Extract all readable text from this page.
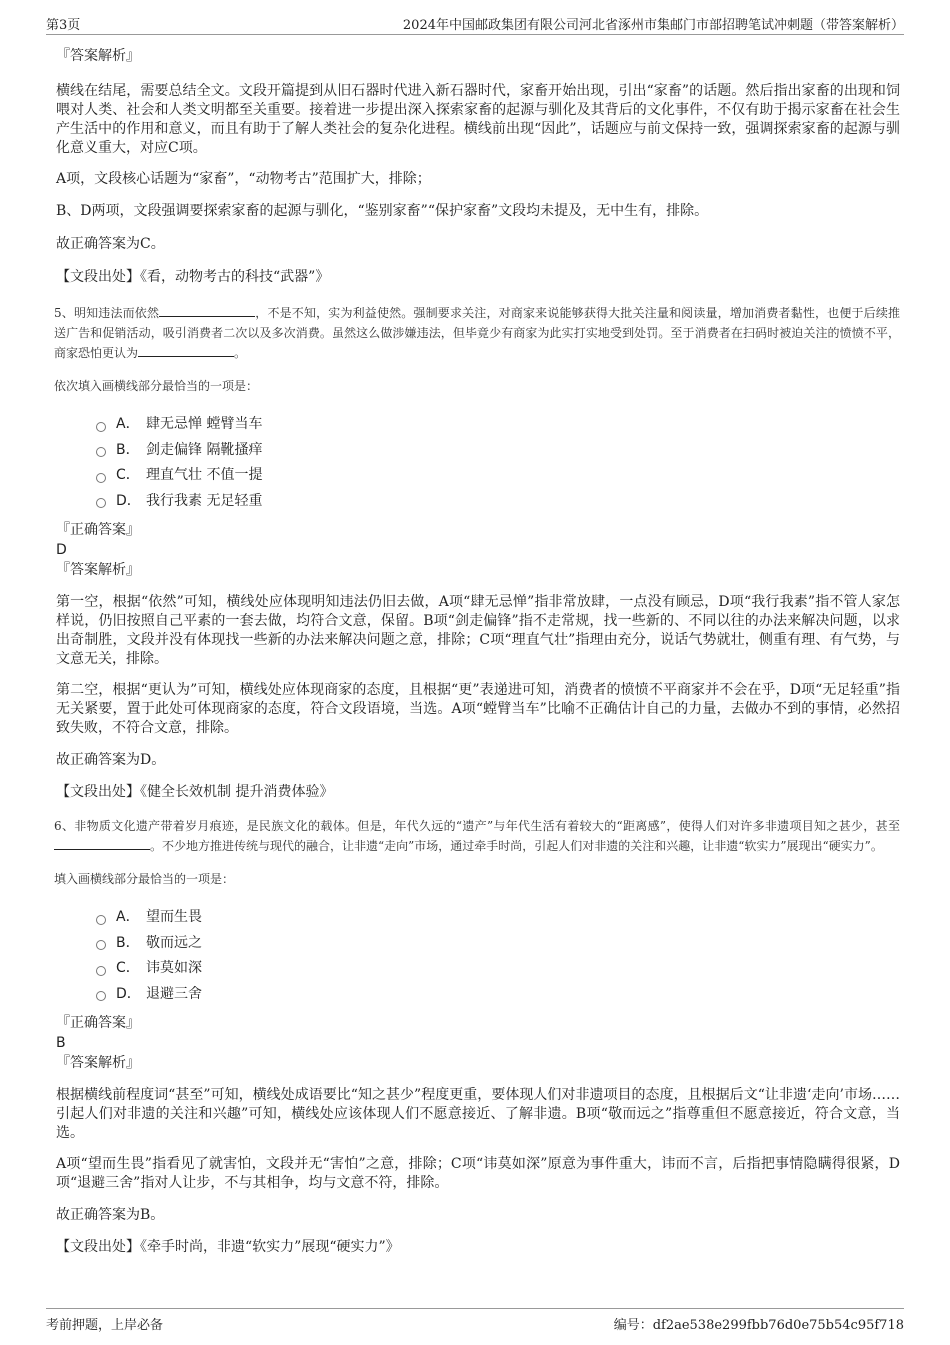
第3页	2024年中国邮政集团有限公司河北省涿州市集邮门市部招聘笔试冲刺题（带答案解析）

『答案解析』

横线在结尾，需要总结全文。文段开篇提到从旧石器时代进入新石器时代，家畜开始出现，引出“家畜”的话题。然后指出家畜的出现和饲喂对人类、社会和人类文明都至关重要。接着进一步提出深入探索家畜的起源与驯化及其背后的文化事件，不仅有助于揭示家畜在社会生产生活中的作用和意义，而且有助于了解人类社会的复杂化进程。横线前出现“因此”，话题应与前文保持一致，强调探索家畜的起源与驯化意义重大，对应C项。

A项，文段核心话题为“家畜”，“动物考古”范围扩大，排除；

B、D两项，文段强调要探索家畜的起源与驯化，“鉴别家畜”“保护家畜”文段均未提及，无中生有，排除。

故正确答案为C。

【文段出处】《看，动物考古的科技“武器”》

5、明知违法而依然	，不是不知，实为利益使然。强制要求关注，对商家来说能够获得大批关注量和阅读量，增加消费者黏性，也便于后续推送广告和促销活动，吸引消费者二次以及多次消费。虽然这么做涉嫌违法，但毕竟少有商家为此实打实地受到处罚。至于消费者在扫码时被迫关注的愤愤不平，商家恐怕更认为	。

依次填入画横线部分最恰当的一项是：

A． 肆无忌惮 螳臂当车
B． 剑走偏锋 隔靴搔痒
C． 理直气壮 不值一提
D． 我行我素 无足轻重

『正确答案』

D

『答案解析』

第一空，根据“依然”可知，横线处应体现明知违法仍旧去做，A项“肆无忌惮”指非常放肆，一点没有顾忌，D项“我行我素”指不管人家怎样说，仍旧按照自己平素的一套去做，均符合文意，保留。B项“剑走偏锋”指不走常规，找一些新的、不同以往的办法来解决问题，以求出奇制胜，文段并没有体现找一些新的办法来解决问题之意，排除；C项“理直气壮”指理由充分，说话气势就壮，侧重有理、有气势，与文意无关，排除。

第二空，根据“更认为”可知，横线处应体现商家的态度，且根据“更”表递进可知，消费者的愤愤不平商家并不会在乎，D项“无足轻重”指无关紧要，置于此处可体现商家的态度，符合文段语境，当选。A项“螳臂当车”比喻不正确估计自己的力量，去做办不到的事情，必然招致失败，不符合文意，排除。

故正确答案为D。

【文段出处】《健全长效机制 提升消费体验》

6、非物质文化遗产带着岁月痕迹，是民族文化的载体。但是，年代久远的“遗产”与年代生活有着较大的“距离感”，使得人们对许多非遗项目知之甚少，甚至。不少地方推进传统与现代的融合，让非遗“走向”市场，通过牵手时尚，引起人们对非遗的关注和兴趣，让非遗“软实力”展现出“硬实力”。

填入画横线部分最恰当的一项是：

A． 望而生畏
B． 敬而远之
C． 讳莫如深
D． 退避三舍

『正确答案』

B

『答案解析』

根据横线前程度词“甚至”可知，横线处成语要比“知之甚少”程度更重，要体现人们对非遗项目的态度，且根据后文“让非遗‘走向’市场……引起人们对非遗的关注和兴趣”可知，横线处应该体现人们不愿意接近、了解非遗。B项“敬而远之”指尊重但不愿意接近，符合文意，当选。

A项“望而生畏”指看见了就害怕，文段并无“害怕”之意，排除；C项“讳莫如深”原意为事件重大，讳而不言，后指把事情隐瞒得很紧，D项“退避三舍”指对人让步，不与其相争，均与文意不符，排除。

故正确答案为B。

【文段出处】《牵手时尚，非遗“软实力”展现“硬实力”》

考前押题，上岸必备	编号：df2ae538e299fbb76d0e75b54c95f718
